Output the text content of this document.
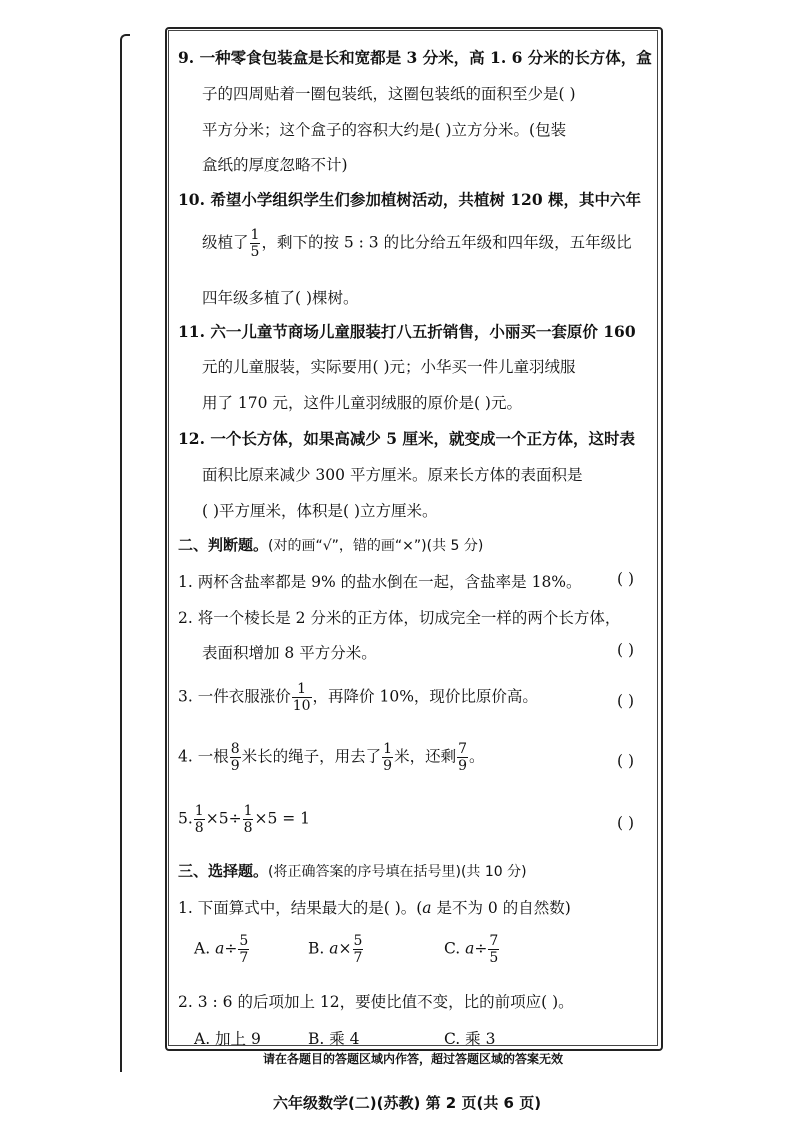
9. 一种零食包装盒是长和宽都是 3 分米，高 1. 6 分米的长方体，盒
子的四周贴着一圈包装纸，这圈包装纸的面积至少是( )
平方分米；这个盒子的容积大约是( )立方分米。(包装
盒纸的厚度忽略不计)
10. 希望小学组织学生们参加植树活动，共植树 120 棵，其中六年
级植了 $\frac{1}{5}$ ，剩下的按 5 : 3 的比分给五年级和四年级，五年级比
四年级多植了( )棵树。
11. 六一儿童节商场儿童服装打八五折销售，小丽买一套原价 160
元的儿童服装，实际要用( )元；小华买一件儿童羽绒服
用了 170 元，这件儿童羽绒服的原价是( )元。
12. 一个长方体，如果高减少 5 厘米，就变成一个正方体，这时表
面积比原来减少 300 平方厘米。原来长方体的表面积是
( )平方厘米，体积是( )立方厘米。
二、判断题。(对的画“√”，错的画“×”)(共 5 分)
1. 两杯含盐率都是 9% 的盐水倒在一起，含盐率是 18%。 ( )
2. 将一个棱长是 2 分米的正方体，切成完全一样的两个长方体，
表面积增加 8 平方分米。	( )
3. 一件衣服涨价 $\frac{1}{10}$ ，再降价 10%，现价比原价高。	( )
4. 一根 $\frac{8}{9}$ 米长的绳子，用去了 $\frac{1}{9}$ 米，还剩 $\frac{7}{9}$ 。	( )
5. $\frac{1}{8} \times 5\div \frac{1}{8} \times 5 = 1$	( )
三、选择题。(将正确答案的序号填在括号里)(共 10 分)
1. 下面算式中，结果最大的是( )。(a 是不为 0 的自然数)
A. $a\div \frac{5}{7}$	B. $a\times \frac{5}{7}$	C. $a\div \frac{7}{5}$
2. 3 : 6 的后项加上 12，要使比值不变，比的前项应( )。
A. 加上 9	B. 乘 4	C. 乘 3
请在各题目的答题区域内作答，超过答题区域的答案无效
六年级数学(二)(苏教) 第 2 页(共 6 页)
